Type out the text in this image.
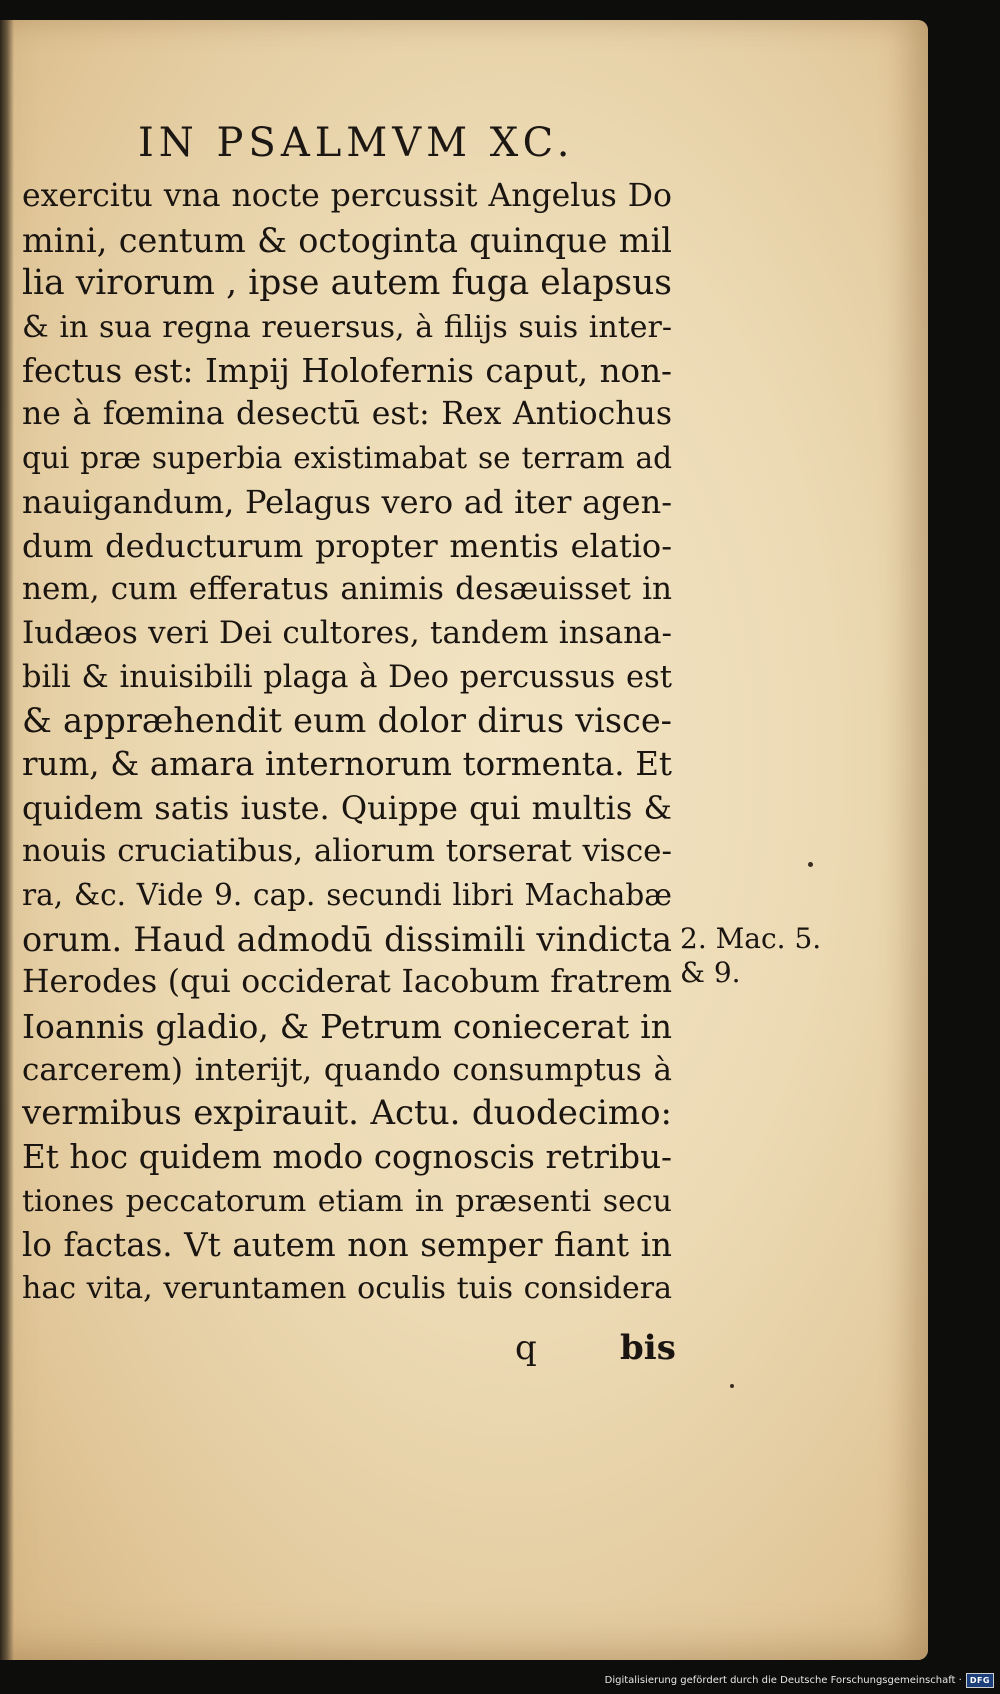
IN PSALMVM XC.
exercitu vna nocte percussit Angelus Do
mini, centum & octoginta quinque mil
lia virorum , ipse autem fuga elapsus
& in sua regna reuersus, à filijs suis inter-
fectus est: Impij Holofernis caput, non-
ne à fœmina desectū est: Rex Antiochus
qui præ superbia existimabat se terram ad
nauigandum, Pelagus vero ad iter agen-
dum deducturum propter mentis elatio-
nem, cum efferatus animis desæuisset in
Iudæos veri Dei cultores, tandem insana-
bili & inuisibili plaga à Deo percussus est
& appræhendit eum dolor dirus visce-
rum, & amara internorum tormenta. Et
quidem satis iuste. Quippe qui multis &
nouis cruciatibus, aliorum torserat visce-
ra, &c. Vide 9. cap. secundi libri Machabæ
orum. Haud admodū dissimili vindicta
Herodes (qui occiderat Iacobum fratrem
Ioannis gladio, & Petrum coniecerat in
carcerem) interijt, quando consumptus à
vermibus expirauit. Actu. duodecimo:
Et hoc quidem modo cognoscis retribu-
tiones peccatorum etiam in præsenti secu
lo factas. Vt autem non semper fiant in
hac vita, veruntamen oculis tuis considera
2. Mac. 5.
& 9.
q bis
Digitalisierung gefördert durch die Deutsche Forschungsgemeinschaft ·	DFG
